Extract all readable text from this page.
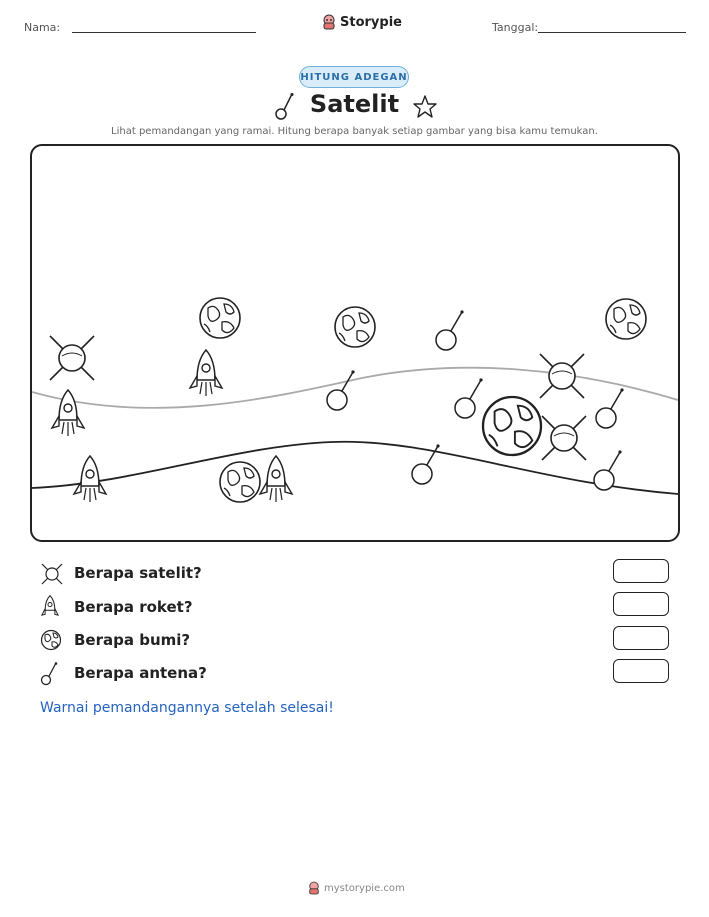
Nama:	Storypie	Tanggal:
HITUNG ADEGAN
Satelit
Lihat pemandangan yang ramai. Hitung berapa banyak setiap gambar yang bisa kamu temukan.
Berapa satelit?
Berapa roket?
Berapa bumi?
Berapa antena?
Warnai pemandangannya setelah selesai!
mystorypie.com
